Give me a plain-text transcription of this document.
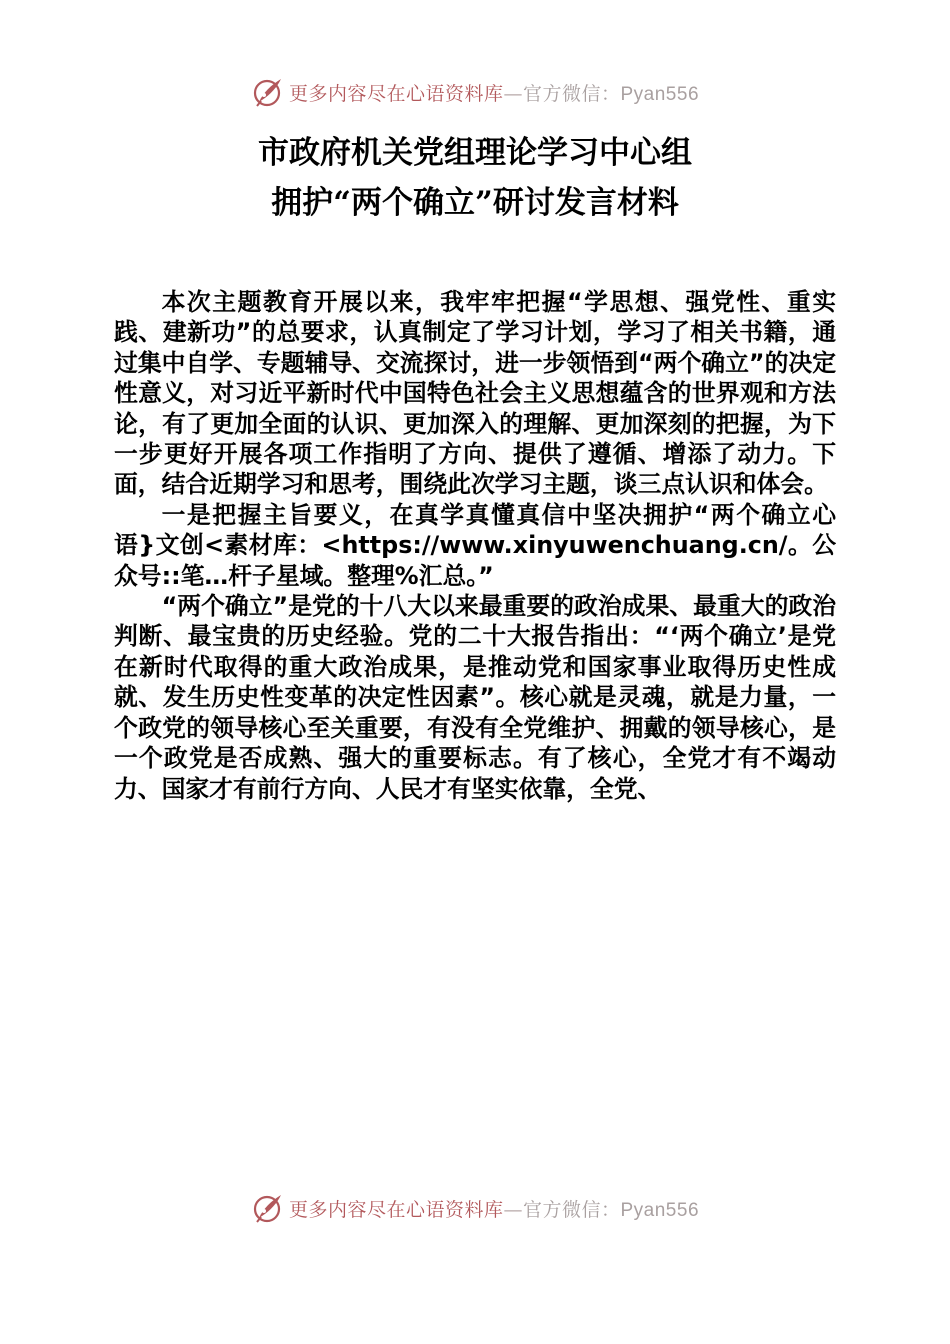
更多内容尽在心语资料库—官方微信：Pyan556
市政府机关党组理论学习中心组
拥护“两个确立”研讨发言材料

本次主题教育开展以来，我牢牢把握“学思想、强党性、重实践、建新功”的总要求，认真制定了学习计划，学习了相关书籍，通过集中自学、专题辅导、交流探讨，进一步领悟到“两个确立”的决定性意义，对习近平新时代中国特色社会主义思想蕴含的世界观和方法论，有了更加全面的认识、更加深入的理解、更加深刻的把握，为下一步更好开展各项工作指明了方向、提供了遵循、增添了动力。下面，结合近期学习和思考，围绕此次学习主题，谈三点认识和体会。

一是把握主旨要义，在真学真懂真信中坚决拥护“两个确立心语}文创<素材库：<https://www.xinyuwenchuang.cn/。公众号::笔…杆子星域。整理%汇总。”

“两个确立”是党的十八大以来最重要的政治成果、最重大的政治判断、最宝贵的历史经验。党的二十大报告指出：“‘两个确立’是党在新时代取得的重大政治成果，是推动党和国家事业取得历史性成就、发生历史性变革的决定性因素”。核心就是灵魂，就是力量，一个政党的领导核心至关重要，有没有全党维护、拥戴的领导核心，是一个政党是否成熟、强大的重要标志。有了核心，全党才有不竭动力、国家才有前行方向、人民才有坚实依靠，全党、

更多内容尽在心语资料库—官方微信：Pyan556
